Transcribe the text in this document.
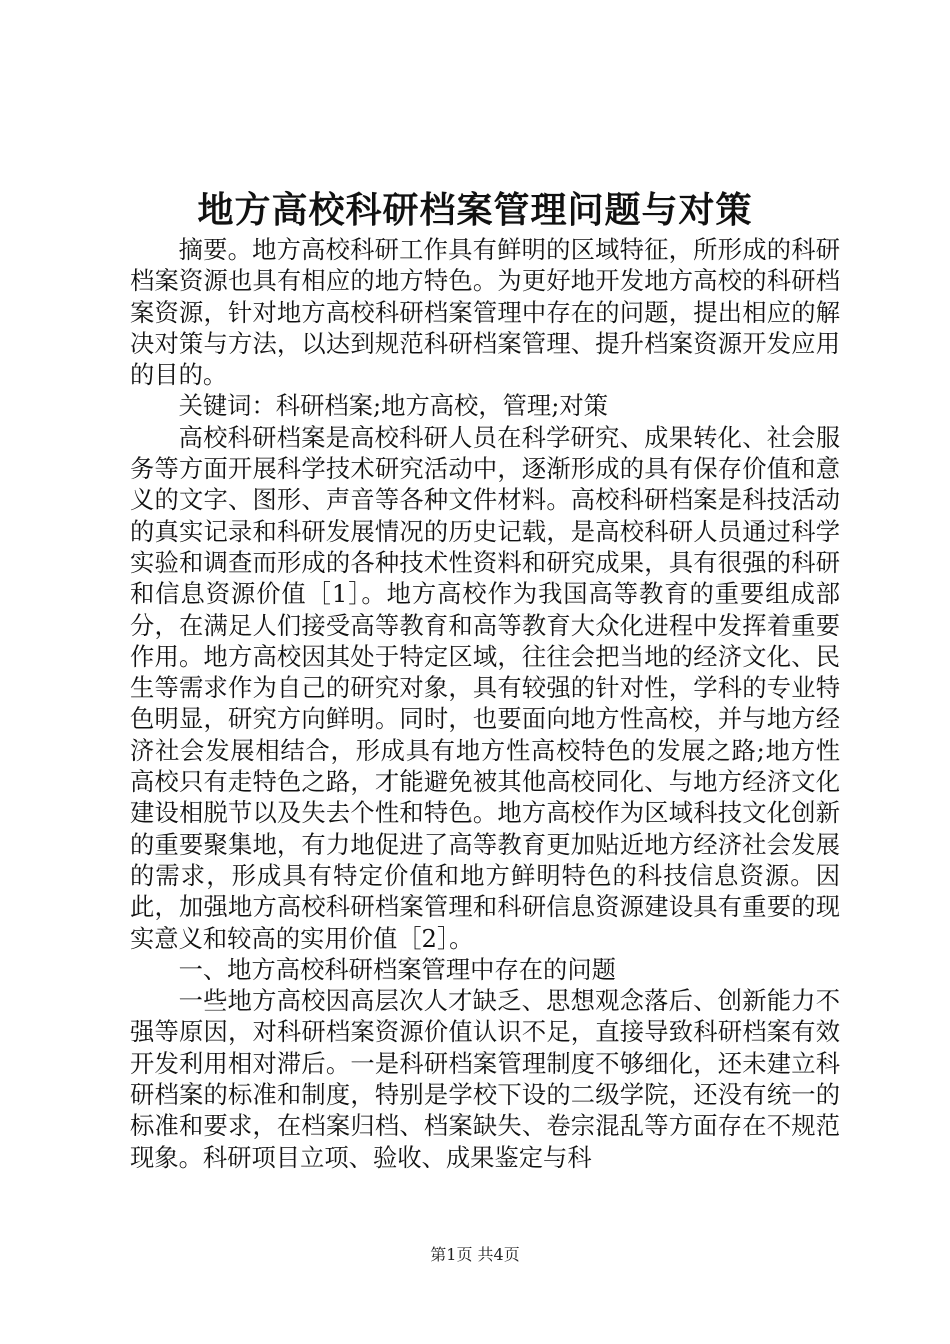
地方高校科研档案管理问题与对策

摘要。地方高校科研工作具有鲜明的区域特征，所形成的科研档案资源也具有相应的地方特色。为更好地开发地方高校的科研档案资源，针对地方高校科研档案管理中存在的问题，提出相应的解决对策与方法，以达到规范科研档案管理、提升档案资源开发应用的目的。

关键词：科研档案;地方高校，管理;对策

高校科研档案是高校科研人员在科学研究、成果转化、社会服务等方面开展科学技术研究活动中，逐渐形成的具有保存价值和意义的文字、图形、声音等各种文件材料。高校科研档案是科技活动的真实记录和科研发展情况的历史记载，是高校科研人员通过科学实验和调查而形成的各种技术性资料和研究成果，具有很强的科研和信息资源价值［1］。地方高校作为我国高等教育的重要组成部分，在满足人们接受高等教育和高等教育大众化进程中发挥着重要作用。地方高校因其处于特定区域，往往会把当地的经济文化、民生等需求作为自己的研究对象，具有较强的针对性，学科的专业特色明显，研究方向鲜明。同时，也要面向地方性高校，并与地方经济社会发展相结合，形成具有地方性高校特色的发展之路;地方性高校只有走特色之路，才能避免被其他高校同化、与地方经济文化建设相脱节以及失去个性和特色。地方高校作为区域科技文化创新的重要聚集地，有力地促进了高等教育更加贴近地方经济社会发展的需求，形成具有特定价值和地方鲜明特色的科技信息资源。因此，加强地方高校科研档案管理和科研信息资源建设具有重要的现实意义和较高的实用价值［2］。

一、地方高校科研档案管理中存在的问题

一些地方高校因高层次人才缺乏、思想观念落后、创新能力不强等原因，对科研档案资源价值认识不足，直接导致科研档案有效开发利用相对滞后。一是科研档案管理制度不够细化，还未建立科研档案的标准和制度，特别是学校下设的二级学院，还没有统一的标准和要求，在档案归档、档案缺失、卷宗混乱等方面存在不规范现象。科研项目立项、验收、成果鉴定与科

第1页 共4页
